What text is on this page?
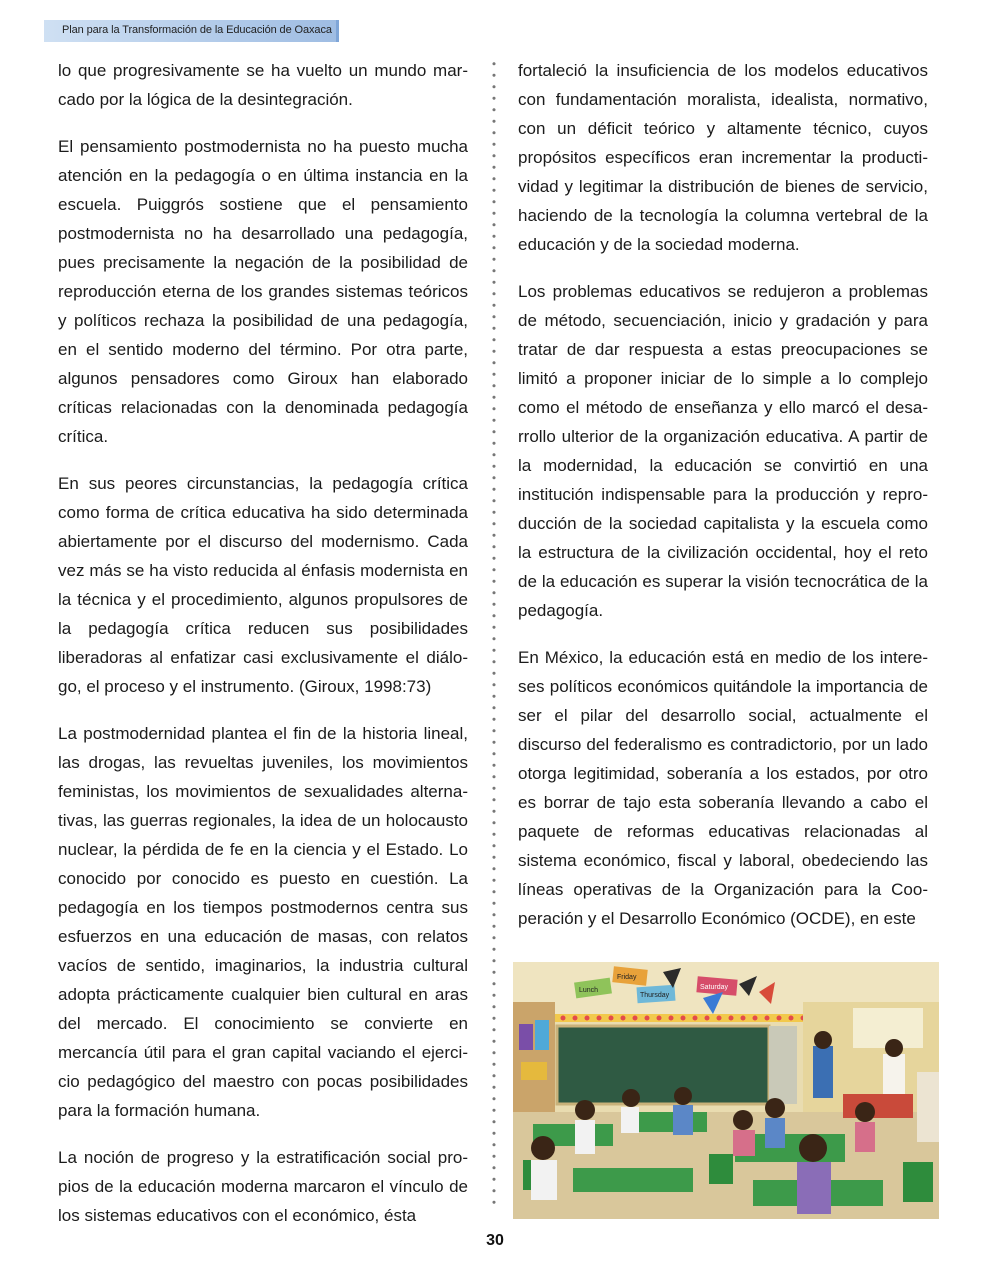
Plan para la Transformación de la Educación de Oaxaca

lo que progresivamente se ha vuelto un mundo marcado por la lógica de la desintegración.

El pensamiento postmodernista no ha puesto mucha atención en la pedagogía o en última instancia en la escuela. Puiggrós sostiene que el pensamiento postmodernista no ha desarrollado una pedagogía, pues precisamente la negación de la posibilidad de reproducción eterna de los grandes sistemas teóricos y políticos rechaza la posibilidad de una pedagogía, en el sentido moderno del término. Por otra parte, algunos pensadores como Giroux han elaborado críticas relacionadas con la denominada pedagogía crítica.

En sus peores circunstancias, la pedagogía crítica como forma de crítica educativa ha sido determinada abiertamente por el discurso del modernismo. Cada vez más se ha visto reducida al énfasis modernista en la técnica y el procedimiento, algunos propulsores de la pedagogía crítica reducen sus posibilidades liberadoras al enfatizar casi exclusivamente el diálogo, el proceso y el instrumento. (Giroux, 1998:73)

La postmodernidad plantea el fin de la historia lineal, las drogas, las revueltas juveniles, los movimientos feministas, los movimientos de sexualidades alternativas, las guerras regionales, la idea de un holocausto nuclear, la pérdida de fe en la ciencia y el Estado. Lo conocido por conocido es puesto en cuestión. La pedagogía en los tiempos postmodernos centra sus esfuerzos en una educación de masas, con relatos vacíos de sentido, imaginarios, la industria cultural adopta prácticamente cualquier bien cultural en aras del mercado. El conocimiento se convierte en mercancía útil para el gran capital vaciando el ejercicio pedagógico del maestro con pocas posibilidades para la formación humana.

La noción de progreso y la estratificación social propios de la educación moderna marcaron el vínculo de los sistemas educativos con el económico, ésta

fortaleció la insuficiencia de los modelos educativos con fundamentación moralista, idealista, normativo, con un déficit teórico y altamente técnico, cuyos propósitos específicos eran incrementar la productividad y legitimar la distribución de bienes de servicio, haciendo de la tecnología la columna vertebral de la educación y de la sociedad moderna.

Los problemas educativos se redujeron a problemas de método, secuenciación, inicio y gradación y para tratar de dar respuesta a estas preocupaciones se limitó a proponer iniciar de lo simple a lo complejo como el método de enseñanza y ello marcó el desarrollo ulterior de la organización educativa. A partir de la modernidad, la educación se convirtió en una institución indispensable para la producción y reproducción de la sociedad capitalista y la escuela como la estructura de la civilización occidental, hoy el reto de la educación es superar la visión tecnocrática de la pedagogía.

En México, la educación está en medio de los intereses políticos económicos quitándole la importancia de ser el pilar del desarrollo social, actualmente el discurso del federalismo es contradictorio, por un lado otorga legitimidad, soberanía a los estados, por otro es borrar de tajo esta soberanía llevando a cabo el paquete de reformas educativas relacionadas al sistema económico, fiscal y laboral, obedeciendo las líneas operativas de la Organización para la Cooperación y el Desarrollo Económico (OCDE), en este

Lunch
Friday
Thursday
Saturday
30
